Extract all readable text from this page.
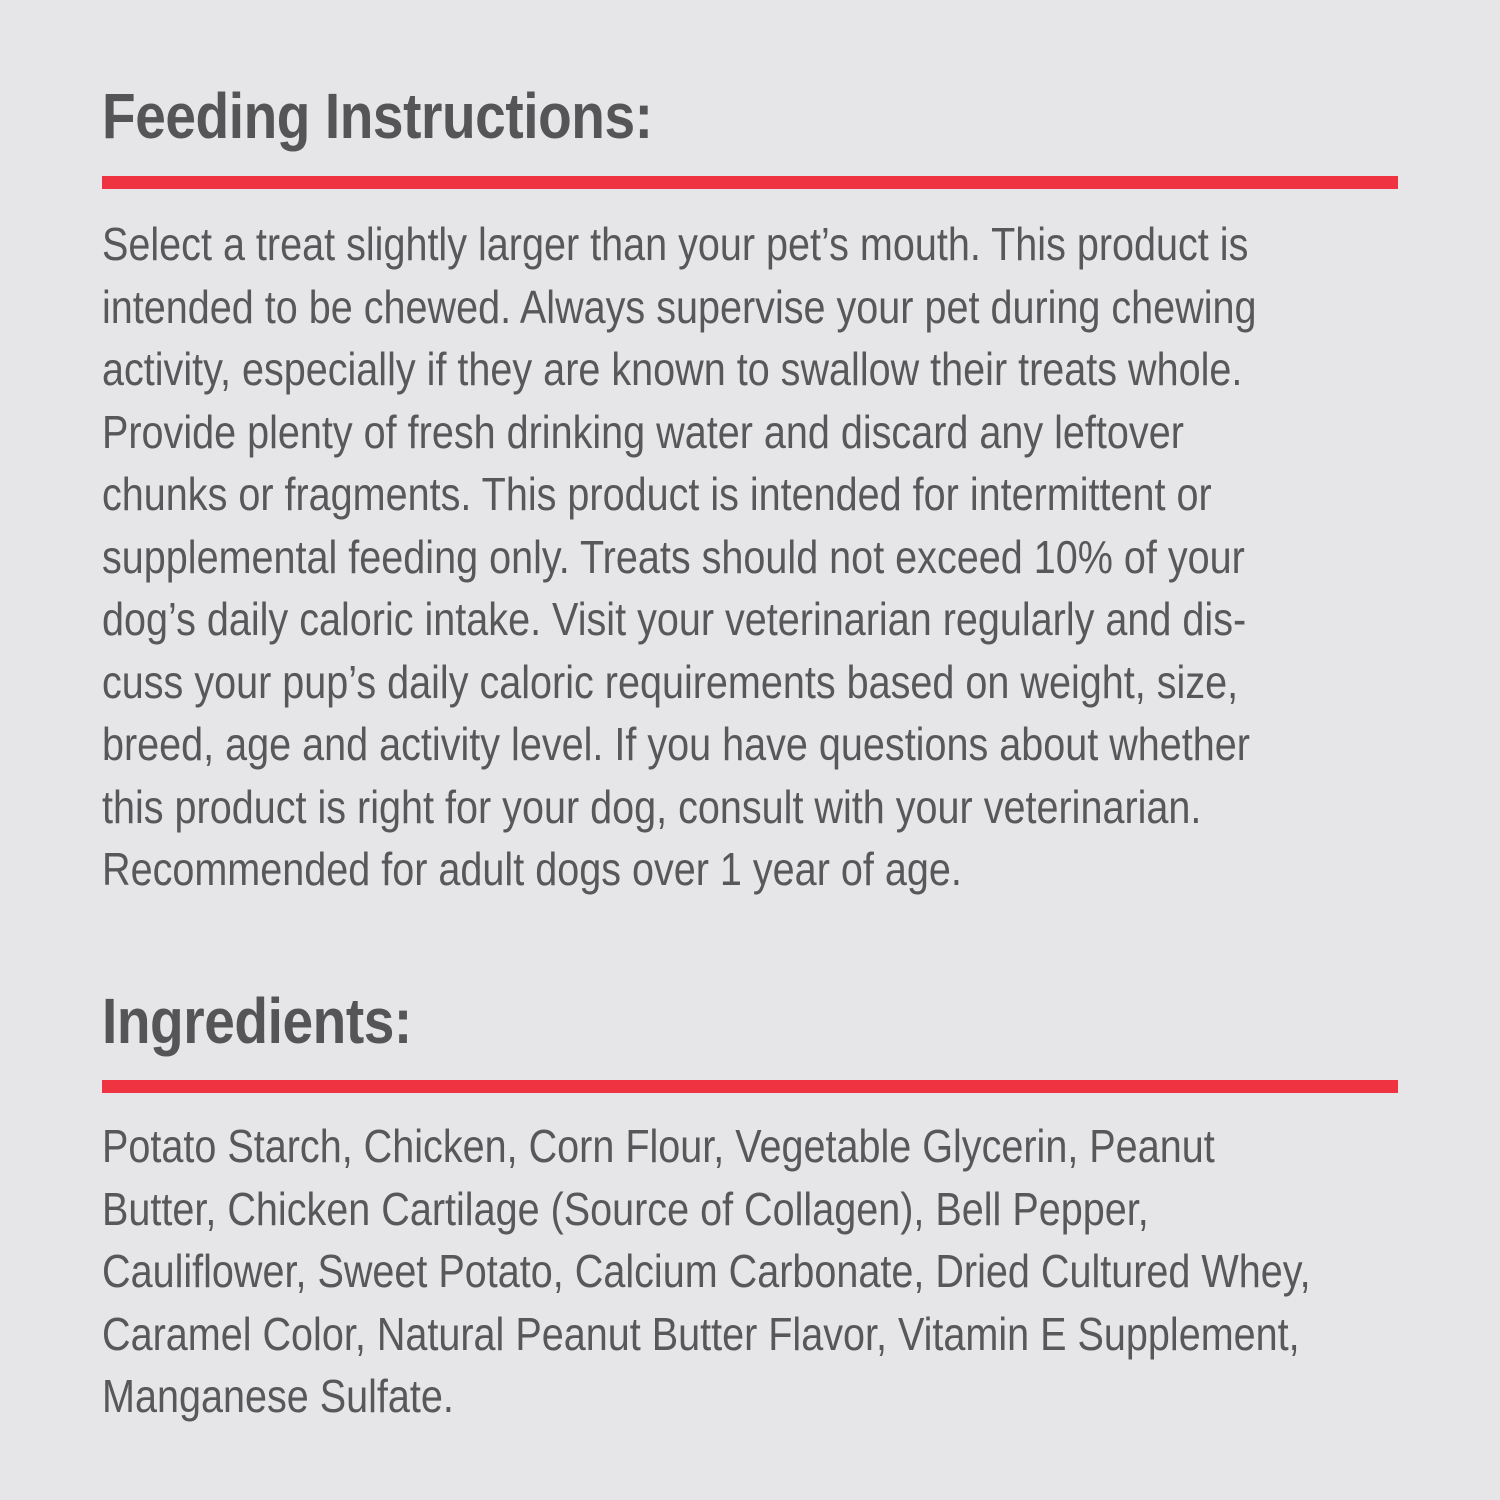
Feeding Instructions:

Select a treat slightly larger than your pet’s mouth. This product is
intended to be chewed. Always supervise your pet during chewing
activity, especially if they are known to swallow their treats whole.
Provide plenty of fresh drinking water and discard any leftover
chunks or fragments. This product is intended for intermittent or
supplemental feeding only. Treats should not exceed 10% of your
dog’s daily caloric intake. Visit your veterinarian regularly and dis-
cuss your pup’s daily caloric requirements based on weight, size,
breed, age and activity level. If you have questions about whether
this product is right for your dog, consult with your veterinarian.
Recommended for adult dogs over 1 year of age.

Ingredients:

Potato Starch, Chicken, Corn Flour, Vegetable Glycerin, Peanut
Butter, Chicken Cartilage (Source of Collagen), Bell Pepper,
Cauliflower, Sweet Potato, Calcium Carbonate, Dried Cultured Whey,
Caramel Color, Natural Peanut Butter Flavor, Vitamin E Supplement,
Manganese Sulfate.
